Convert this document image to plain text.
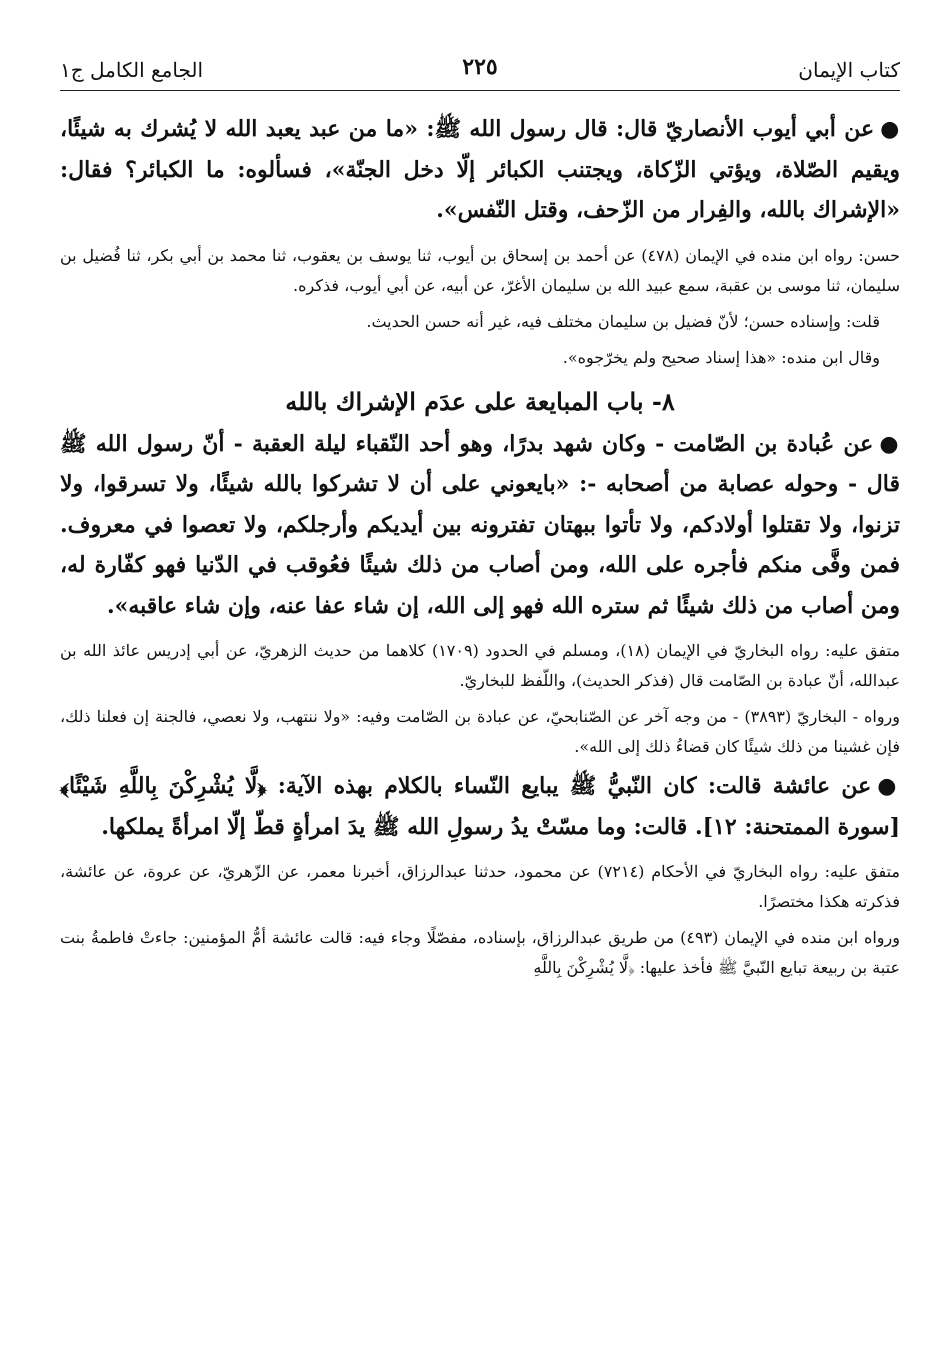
كتاب الإيمان
٢٢٥
الجامع الكامل ج١

●عن أبي أيوب الأنصاريّ قال: قال رسول الله ﷺ: «ما من عبد يعبد الله لا يُشرك به شيئًا، ويقيم الصّلاة، ويؤتي الزّكاة، ويجتنب الكبائر إلّا دخل الجنّة»، فسألوه: ما الكبائر؟ فقال: «الإشراك بالله، والفِرار من الزّحف، وقتل النّفس».

حسن: رواه ابن منده في الإيمان (٤٧٨) عن أحمد بن إسحاق بن أيوب، ثنا يوسف بن يعقوب، ثنا محمد بن أبي بكر، ثنا فُضيل بن سليمان، ثنا موسى بن عقبة، سمع عبيد الله بن سليمان الأغرّ، عن أبيه، عن أبي أيوب، فذكره.

قلت: وإسناده حسن؛ لأنّ فضيل بن سليمان مختلف فيه، غير أنه حسن الحديث.

وقال ابن منده: «هذا إسناد صحيح ولم يخرّجوه».

٨- باب المبايعة على عدَم الإشراك بالله

●عن عُبادة بن الصّامت - وكان شهد بدرًا، وهو أحد النّقباء ليلة العقبة - أنّ رسول الله ﷺ قال - وحوله عصابة من أصحابه -: «بايعوني على أن لا تشركوا بالله شيئًا، ولا تسرقوا، ولا تزنوا، ولا تقتلوا أولادكم، ولا تأتوا ببهتان تفترونه بين أيديكم وأرجلكم، ولا تعصوا في معروف. فمن وفَّى منكم فأجره على الله، ومن أصاب من ذلك شيئًا فعُوقب في الدّنيا فهو كفّارة له، ومن أصاب من ذلك شيئًا ثم ستره الله فهو إلى الله، إن شاء عفا عنه، وإن شاء عاقبه».

متفق عليه: رواه البخاريّ في الإيمان (١٨)، ومسلم في الحدود (١٧٠٩) كلاهما من حديث الزهريّ، عن أبي إدريس عائذ الله بن عبدالله، أنّ عبادة بن الصّامت قال (فذكر الحديث)، واللّفظ للبخاريّ.

ورواه - البخاريّ (٣٨٩٣) - من وجه آخر عن الصّنابحيّ، عن عبادة بن الصّامت وفيه: «ولا ننتهب، ولا نعصي، فالجنة إن فعلنا ذلك، فإن غشينا من ذلك شيئًا كان قضاءُ ذلك إلى الله».

●عن عائشة قالت: كان النّبيُّ ﷺ يبايع النّساء بالكلام بهذه الآية: ﴿لَّا يُشْرِكْنَ بِاللَّهِ شَيْئًا﴾ [سورة الممتحنة: ١٢]. قالت: وما مسّتْ يدُ رسولِ الله ﷺ يدَ امرأةٍ قطّ إلّا امرأةً يملكها.

متفق عليه: رواه البخاريّ في الأحكام (٧٢١٤) عن محمود، حدثنا عبدالرزاق، أخبرنا معمر، عن الزّهريّ، عن عروة، عن عائشة، فذكرته هكذا مختصرًا.

ورواه ابن منده في الإيمان (٤٩٣) من طريق عبدالرزاق، بإسناده، مفصّلًا وجاء فيه: قالت عائشة أمُّ المؤمنين: جاءتْ فاطمةُ بنت عتبة بن ربيعة تبايع النّبيَّ ﷺ فأخذ عليها: ﴿لَّا يُشْرِكْنَ بِاللَّهِ
